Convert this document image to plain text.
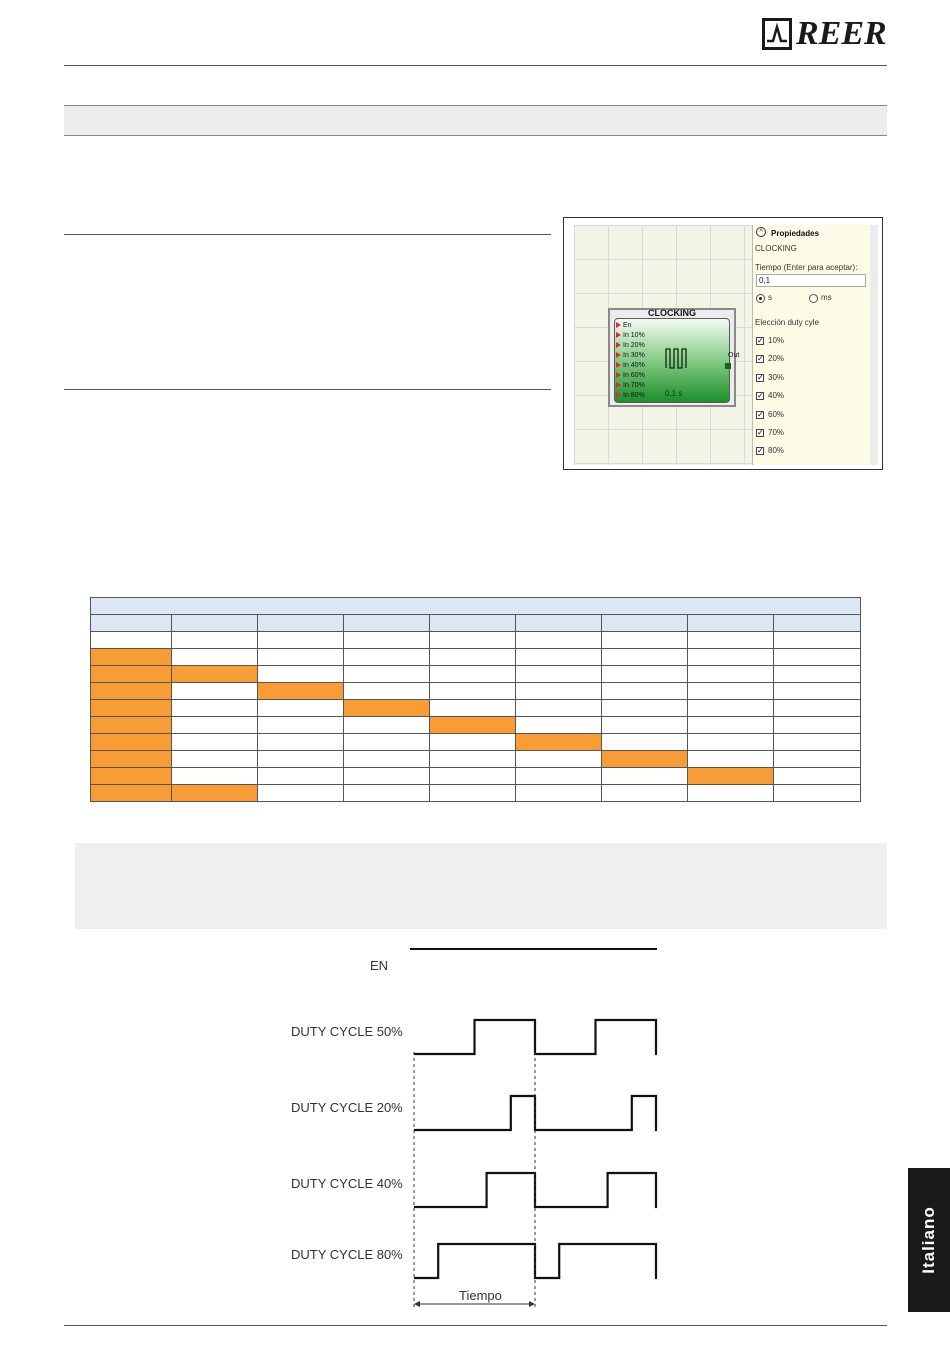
REER
CLOCKING
En
In 10%
In 20%
In 30%
In 40%
In 60%
In 70%
In 80%	0,1 s
Out
^	Propiedades
CLOCKING
Tiempo (Enter para aceptar):
0,1
s	ms
Elección duty cyle
✓ 10%
✓ 20%
✓ 30%
✓ 40%
✓ 60%
✓ 70%
✓ 80%

EN
DUTY CYCLE 50%
DUTY CYCLE 20%
DUTY CYCLE 40%
DUTY CYCLE 80%
Tiempo
Italiano
